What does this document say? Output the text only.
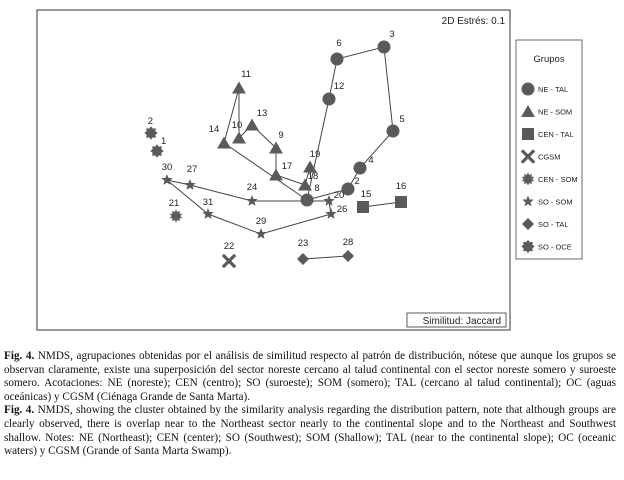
2D Estrés: 0.1
Similitud: Jaccard
1
2
3
4
5
6
12
2
8
11
13
14 10
9
17
19
18
15
16
22
21
30 27
24
31
29
20
26
23	28
Grupos
NE - TAL
NE - SOM
CEN - TAL
CGSM
CEN - SOM
SO - SOM
SO - TAL
SO - OCE

Fig. 4. NMDS, agrupaciones obtenidas por el análisis de similitud respecto al patrón de distribución, nótese que aunque los grupos se observan claramente, existe una superposición del sector noreste cercano al talud continental con el sector noreste somero y suroeste somero. Acotaciones: NE (noreste); CEN (centro); SO (suroeste); SOM (somero); TAL (cercano al talud continental); OC (aguas oceánicas) y CGSM (Ciénaga Grande de Santa Marta).

Fig. 4. NMDS, showing the cluster obtained by the similarity analysis regarding the distribution pattern, note that although groups are clearly observed, there is overlap near to the Northeast sector nearly to the continental slope and to the Northeast and Southwest shallow. Notes: NE (Northeast); CEN (center); SO (Southwest); SOM (Shallow); TAL (near to the continental slope); OC (oceanic waters) y CGSM (Grande of Santa Marta Swamp).
